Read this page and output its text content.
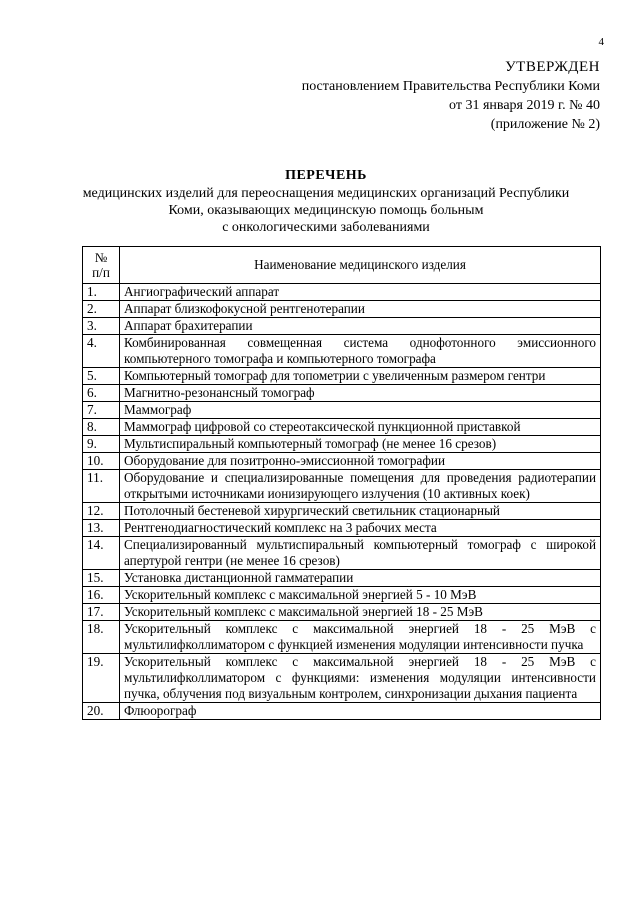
4
УТВЕРЖДЕН
постановлением Правительства Республики Коми
от 31 января 2019 г. № 40
(приложение № 2)
ПЕРЕЧЕНЬ
медицинских изделий для переоснащения медицинских организаций Республики
Коми, оказывающих медицинскую помощь больным
с онкологическими заболеваниями
№
п/п	Наименование медицинского изделия
1.	Ангиографический аппарат
2.	Аппарат близкофокусной рентгенотерапии
3.	Аппарат брахитерапии
4.	Комбинированная совмещенная система однофотонного эмиссионного компьютерного томографа и компьютерного томографа
5.	Компьютерный томограф для топометрии с увеличенным размером гентри
6.	Магнитно-резонансный томограф
7.	Маммограф
8.	Маммограф цифровой со стереотаксической пункционной приставкой
9.	Мультиспиральный компьютерный томограф (не менее 16 срезов)
10.	Оборудование для позитронно-эмиссионной томографии
11.	Оборудование и специализированные помещения для проведения радиотерапии открытыми источниками ионизирующего излучения (10 активных коек)
12.	Потолочный бестеневой хирургический светильник стационарный
13.	Рентгенодиагностический комплекс на 3 рабочих места
14.	Специализированный мультиспиральный компьютерный томограф с широкой апертурой гентри (не менее 16 срезов)
15.	Установка дистанционной гамматерапии
16.	Ускорительный комплекс с максимальной энергией 5 - 10 МэВ
17.	Ускорительный комплекс с максимальной энергией 18 - 25 МэВ
18.	Ускорительный комплекс с максимальной энергией 18 - 25 МэВ с мультилифколлиматором с функцией изменения модуляции интенсивности пучка
19.	Ускорительный комплекс с максимальной энергией 18 - 25 МэВ с мультилифколлиматором с функциями: изменения модуляции интенсивности пучка, облучения под визуальным контролем, синхронизации дыхания пациента
20.	Флюорограф
